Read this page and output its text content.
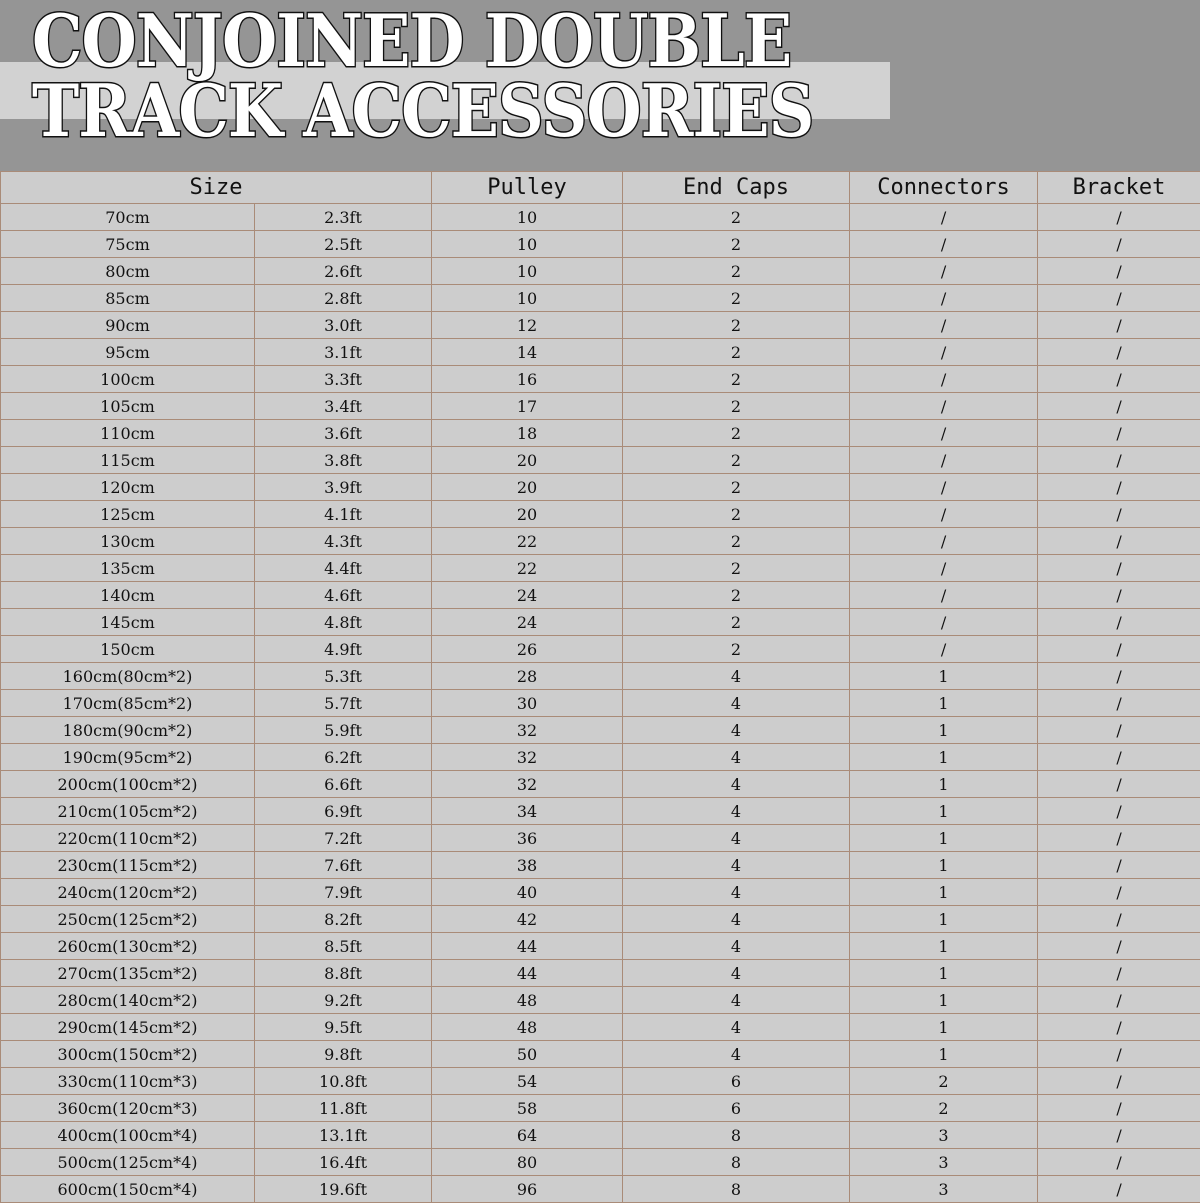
CONJOINED DOUBLE
TRACK ACCESSORIES
Size		Pulley	End Caps	Connectors	Bracket
70cm	2.3ft	10	2	/	/
75cm	2.5ft	10	2	/	/
80cm	2.6ft	10	2	/	/
85cm	2.8ft	10	2	/	/
90cm	3.0ft	12	2	/	/
95cm	3.1ft	14	2	/	/
100cm	3.3ft	16	2	/	/
105cm	3.4ft	17	2	/	/
110cm	3.6ft	18	2	/	/
115cm	3.8ft	20	2	/	/
120cm	3.9ft	20	2	/	/
125cm	4.1ft	20	2	/	/
130cm	4.3ft	22	2	/	/
135cm	4.4ft	22	2	/	/
140cm	4.6ft	24	2	/	/
145cm	4.8ft	24	2	/	/
150cm	4.9ft	26	2	/	/
160cm(80cm*2)	5.3ft	28	4	1	/
170cm(85cm*2)	5.7ft	30	4	1	/
180cm(90cm*2)	5.9ft	32	4	1	/
190cm(95cm*2)	6.2ft	32	4	1	/
200cm(100cm*2)	6.6ft	32	4	1	/
210cm(105cm*2)	6.9ft	34	4	1	/
220cm(110cm*2)	7.2ft	36	4	1	/
230cm(115cm*2)	7.6ft	38	4	1	/
240cm(120cm*2)	7.9ft	40	4	1	/
250cm(125cm*2)	8.2ft	42	4	1	/
260cm(130cm*2)	8.5ft	44	4	1	/
270cm(135cm*2)	8.8ft	44	4	1	/
280cm(140cm*2)	9.2ft	48	4	1	/
290cm(145cm*2)	9.5ft	48	4	1	/
300cm(150cm*2)	9.8ft	50	4	1	/
330cm(110cm*3)	10.8ft	54	6	2	/
360cm(120cm*3)	11.8ft	58	6	2	/
400cm(100cm*4)	13.1ft	64	8	3	/
500cm(125cm*4)	16.4ft	80	8	3	/
600cm(150cm*4)	19.6ft	96	8	3	/
